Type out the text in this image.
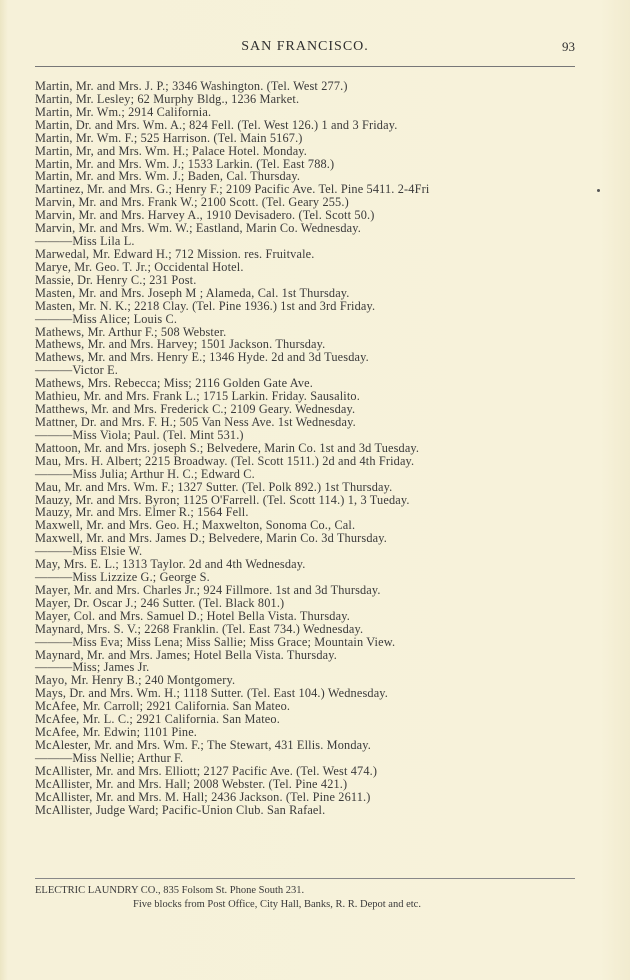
SAN FRANCISCO.	93
Martin, Mr. and Mrs. J. P.; 3346 Washington. (Tel. West 277.)
Martin, Mr. Lesley; 62 Murphy Bldg., 1236 Market.
Martin, Mr. Wm.; 2914 California.
Martin, Dr. and Mrs. Wm. A.; 824 Fell. (Tel. West 126.) 1 and 3 Friday.
Martin, Mr. Wm. F.; 525 Harrison. (Tel. Main 5167.)
Martin, Mr, and Mrs. Wm. H.; Palace Hotel. Monday.
Martin, Mr. and Mrs. Wm. J.; 1533 Larkin. (Tel. East 788.)
Martin, Mr. and Mrs. Wm. J.; Baden, Cal. Thursday.
Martinez, Mr. and Mrs. G.; Henry F.; 2109 Pacific Ave. Tel. Pine 5411. 2-4Fri
Marvin, Mr. and Mrs. Frank W.; 2100 Scott. (Tel. Geary 255.)
Marvin, Mr. and Mrs. Harvey A., 1910 Devisadero. (Tel. Scott 50.)
Marvin, Mr. and Mrs. Wm. W.; Eastland, Marin Co. Wednesday.
———Miss Lila L.
Marwedal, Mr. Edward H.; 712 Mission. res. Fruitvale.
Marye, Mr. Geo. T. Jr.; Occidental Hotel.
Massie, Dr. Henry C.; 231 Post.
Masten, Mr. and Mrs. Joseph M ; Alameda, Cal. 1st Thursday.
Masten, Mr. N. K.; 2218 Clay. (Tel. Pine 1936.) 1st and 3rd Friday.
———Miss Alice; Louis C.
Mathews, Mr. Arthur F.; 508 Webster.
Mathews, Mr. and Mrs. Harvey; 1501 Jackson. Thursday.
Mathews, Mr. and Mrs. Henry E.; 1346 Hyde. 2d and 3d Tuesday.
———Victor E.
Mathews, Mrs. Rebecca; Miss; 2116 Golden Gate Ave.
Mathieu, Mr. and Mrs. Frank L.; 1715 Larkin. Friday. Sausalito.
Matthews, Mr. and Mrs. Frederick C.; 2109 Geary. Wednesday.
Mattner, Dr. and Mrs. F. H.; 505 Van Ness Ave. 1st Wednesday.
———Miss Viola; Paul. (Tel. Mint 531.)
Mattoon, Mr. and Mrs. joseph S.; Belvedere, Marin Co. 1st and 3d Tuesday.
Mau, Mrs. H. Albert; 2215 Broadway. (Tel. Scott 1511.) 2d and 4th Friday.
———Miss Julia; Arthur H. C.; Edward C.
Mau, Mr. and Mrs. Wm. F.; 1327 Sutter. (Tel. Polk 892.) 1st Thursday.
Mauzy, Mr. and Mrs. Byron; 1125 O'Farrell. (Tel. Scott 114.) 1, 3 Tueday.
Mauzy, Mr. and Mrs. Elmer R.; 1564 Fell.
Maxwell, Mr. and Mrs. Geo. H.; Maxwelton, Sonoma Co., Cal.
Maxwell, Mr. and Mrs. James D.; Belvedere, Marin Co. 3d Thursday.
———Miss Elsie W.
May, Mrs. E. L.; 1313 Taylor. 2d and 4th Wednesday.
———Miss Lizzize G.; George S.
Mayer, Mr. and Mrs. Charles Jr.; 924 Fillmore. 1st and 3d Thursday.
Mayer, Dr. Oscar J.; 246 Sutter. (Tel. Black 801.)
Mayer, Col. and Mrs. Samuel D.; Hotel Bella Vista. Thursday.
Maynard, Mrs. S. V.; 2268 Franklin. (Tel. East 734.) Wednesday.
———Miss Eva; Miss Lena; Miss Sallie; Miss Grace; Mountain View.
Maynard, Mr. and Mrs. James; Hotel Bella Vista. Thursday.
———Miss; James Jr.
Mayo, Mr. Henry B.; 240 Montgomery.
Mays, Dr. and Mrs. Wm. H.; 1118 Sutter. (Tel. East 104.) Wednesday.
McAfee, Mr. Carroll; 2921 California. San Mateo.
McAfee, Mr. L. C.; 2921 California. San Mateo.
McAfee, Mr. Edwin; 1101 Pine.
McAlester, Mr. and Mrs. Wm. F.; The Stewart, 431 Ellis. Monday.
———Miss Nellie; Arthur F.
McAllister, Mr. and Mrs. Elliott; 2127 Pacific Ave. (Tel. West 474.)
McAllister, Mr. and Mrs. Hall; 2008 Webster. (Tel. Pine 421.)
McAllister, Mr. and Mrs. M. Hall; 2436 Jackson. (Tel. Pine 2611.)
McAllister, Judge Ward; Pacific-Union Club. San Rafael.
ELECTRIC LAUNDRY CO., 835 Folsom St. Phone South 231.
Five blocks from Post Office, City Hall, Banks, R. R. Depot and etc.
